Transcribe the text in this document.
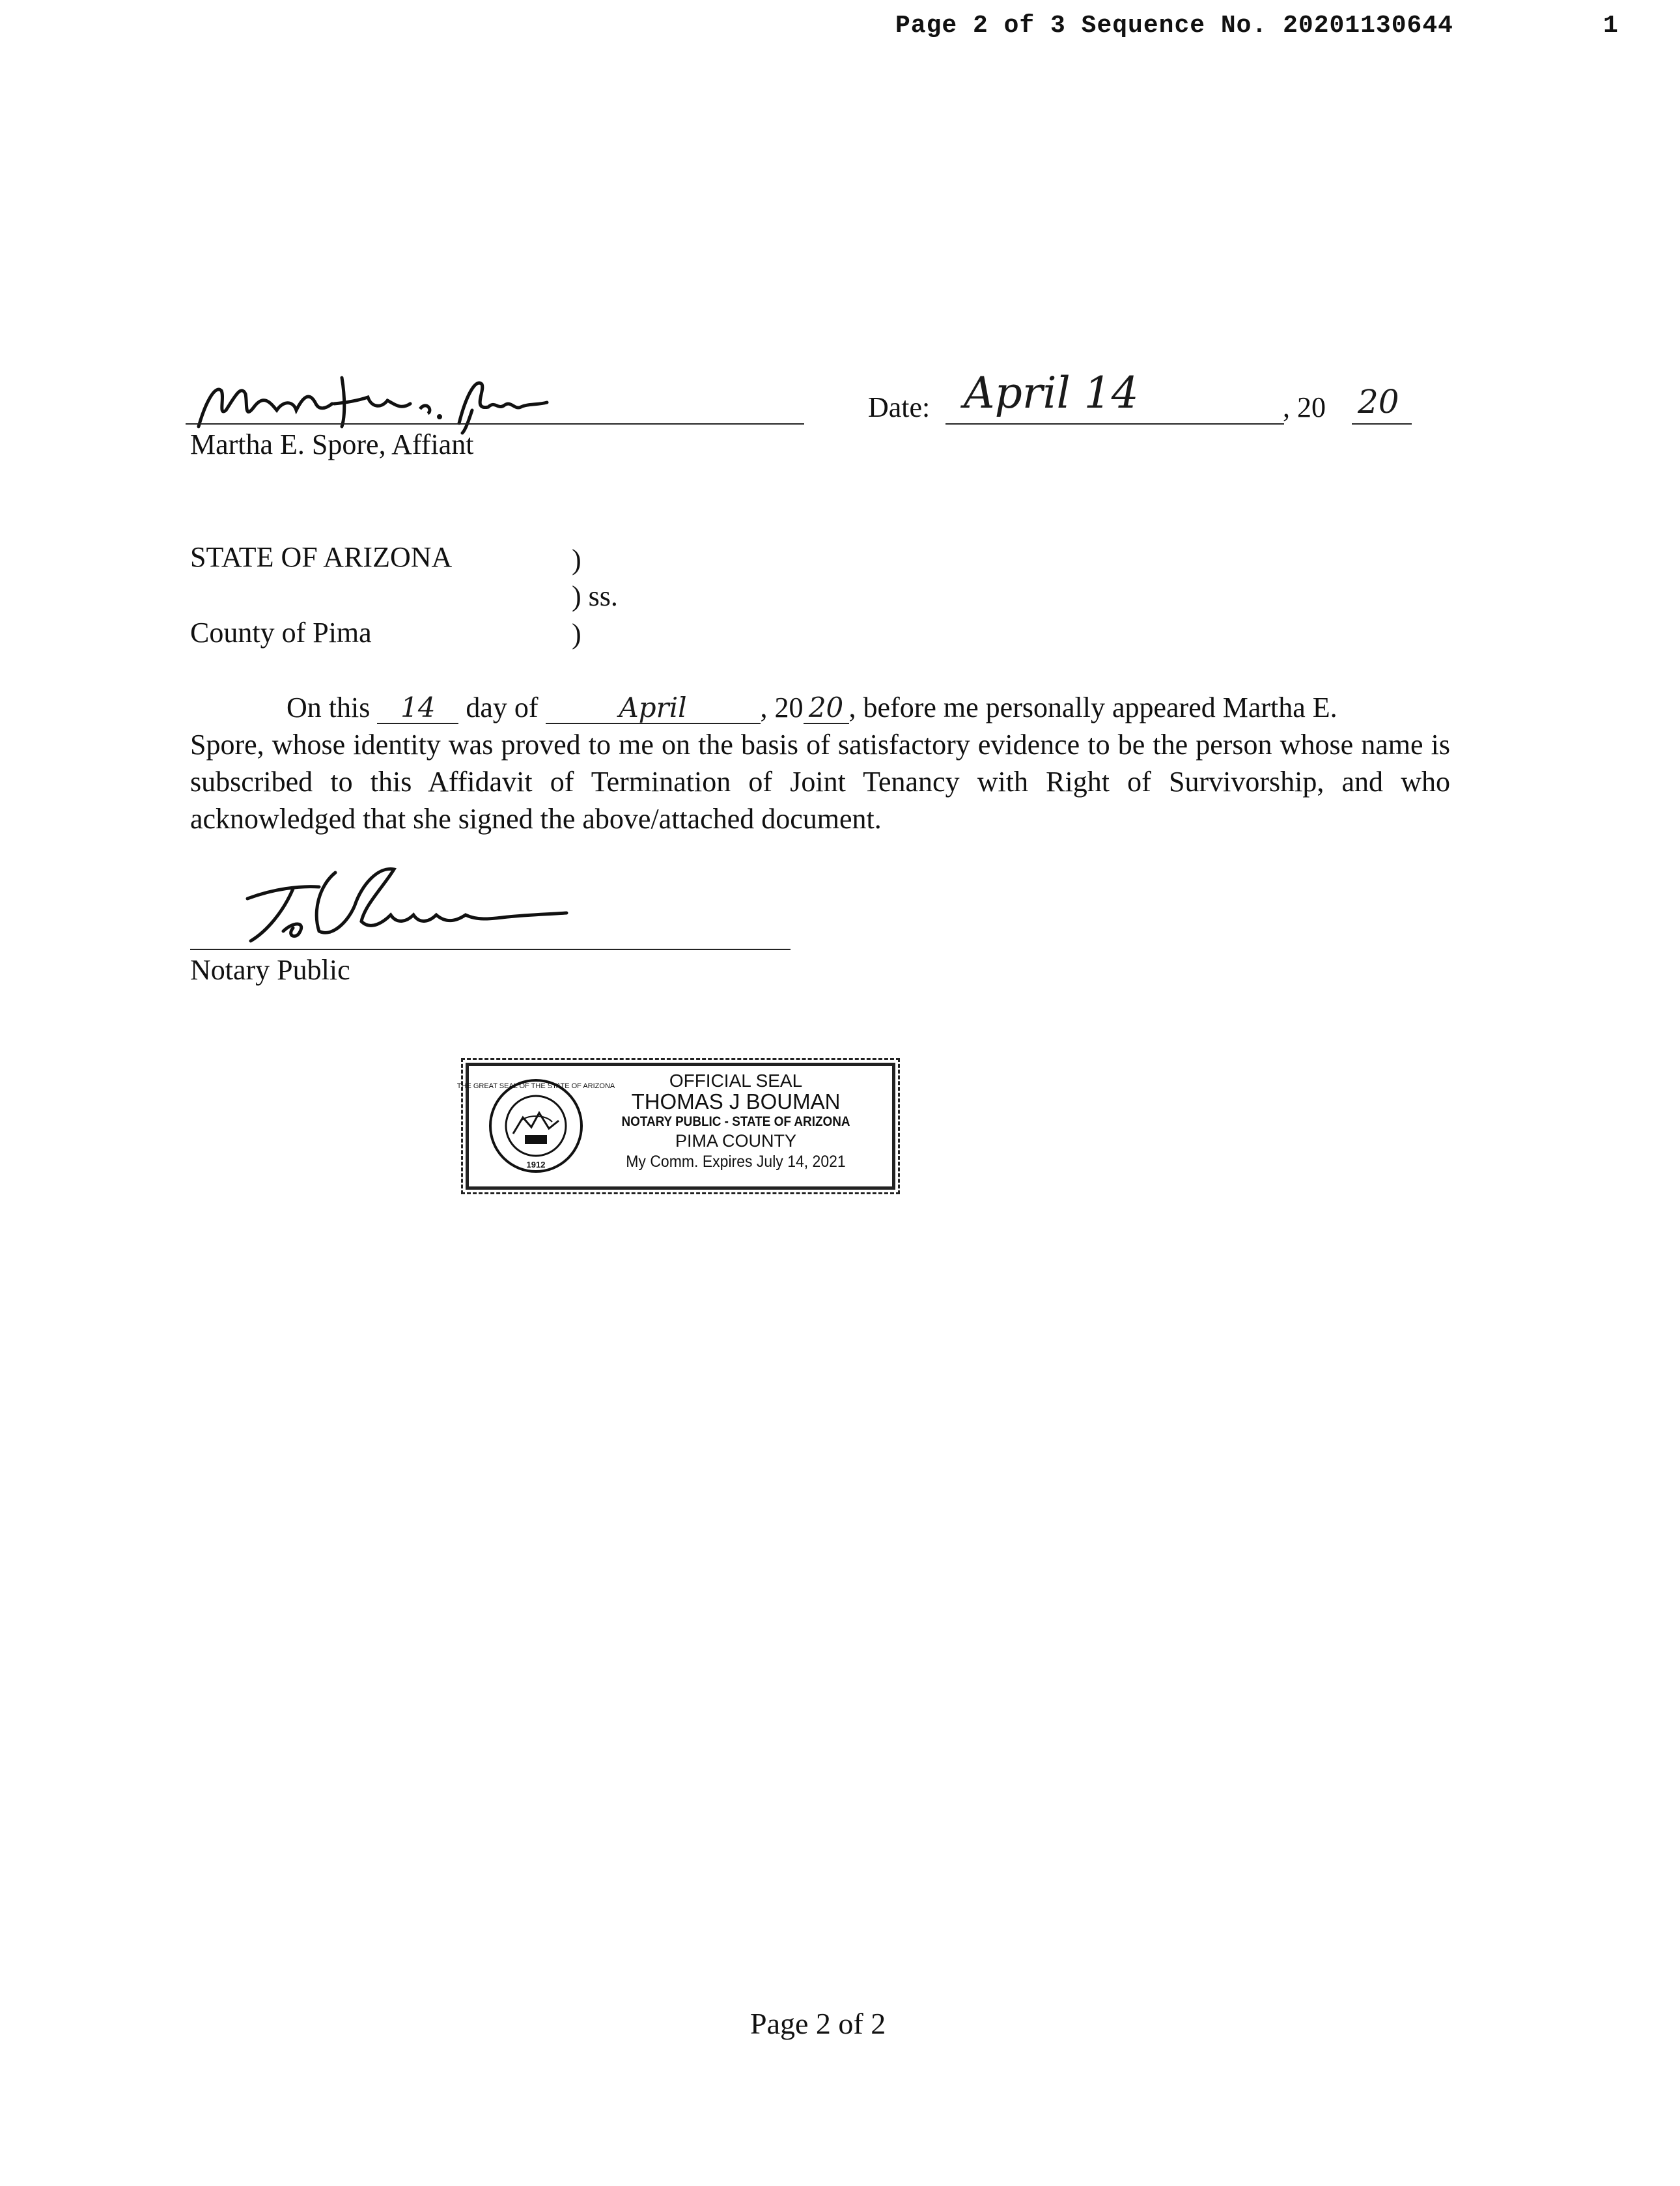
Page 2 of 3 Sequence No. 20201130644	1
Martha E. Spore, Affiant
Date: April 14	, 20 20
STATE OF ARIZONA	)
) ss.
County of Pima	)
On this 14 day of	April	, 20 20 , before me personally appeared Martha E.
Spore, whose identity was proved to me on the basis of satisfactory evidence to be the person whose name is subscribed to this Affidavit of Termination of Joint Tenancy with Right of Survivorship, and who acknowledged that she signed the above/attached document.
Notary Public
THE GREAT SEAL OF THE STATE OF ARIZONA
1912
OFFICIAL SEAL
THOMAS J BOUMAN
NOTARY PUBLIC - STATE OF ARIZONA
PIMA COUNTY
My Comm. Expires July 14, 2021
Page 2 of 2
